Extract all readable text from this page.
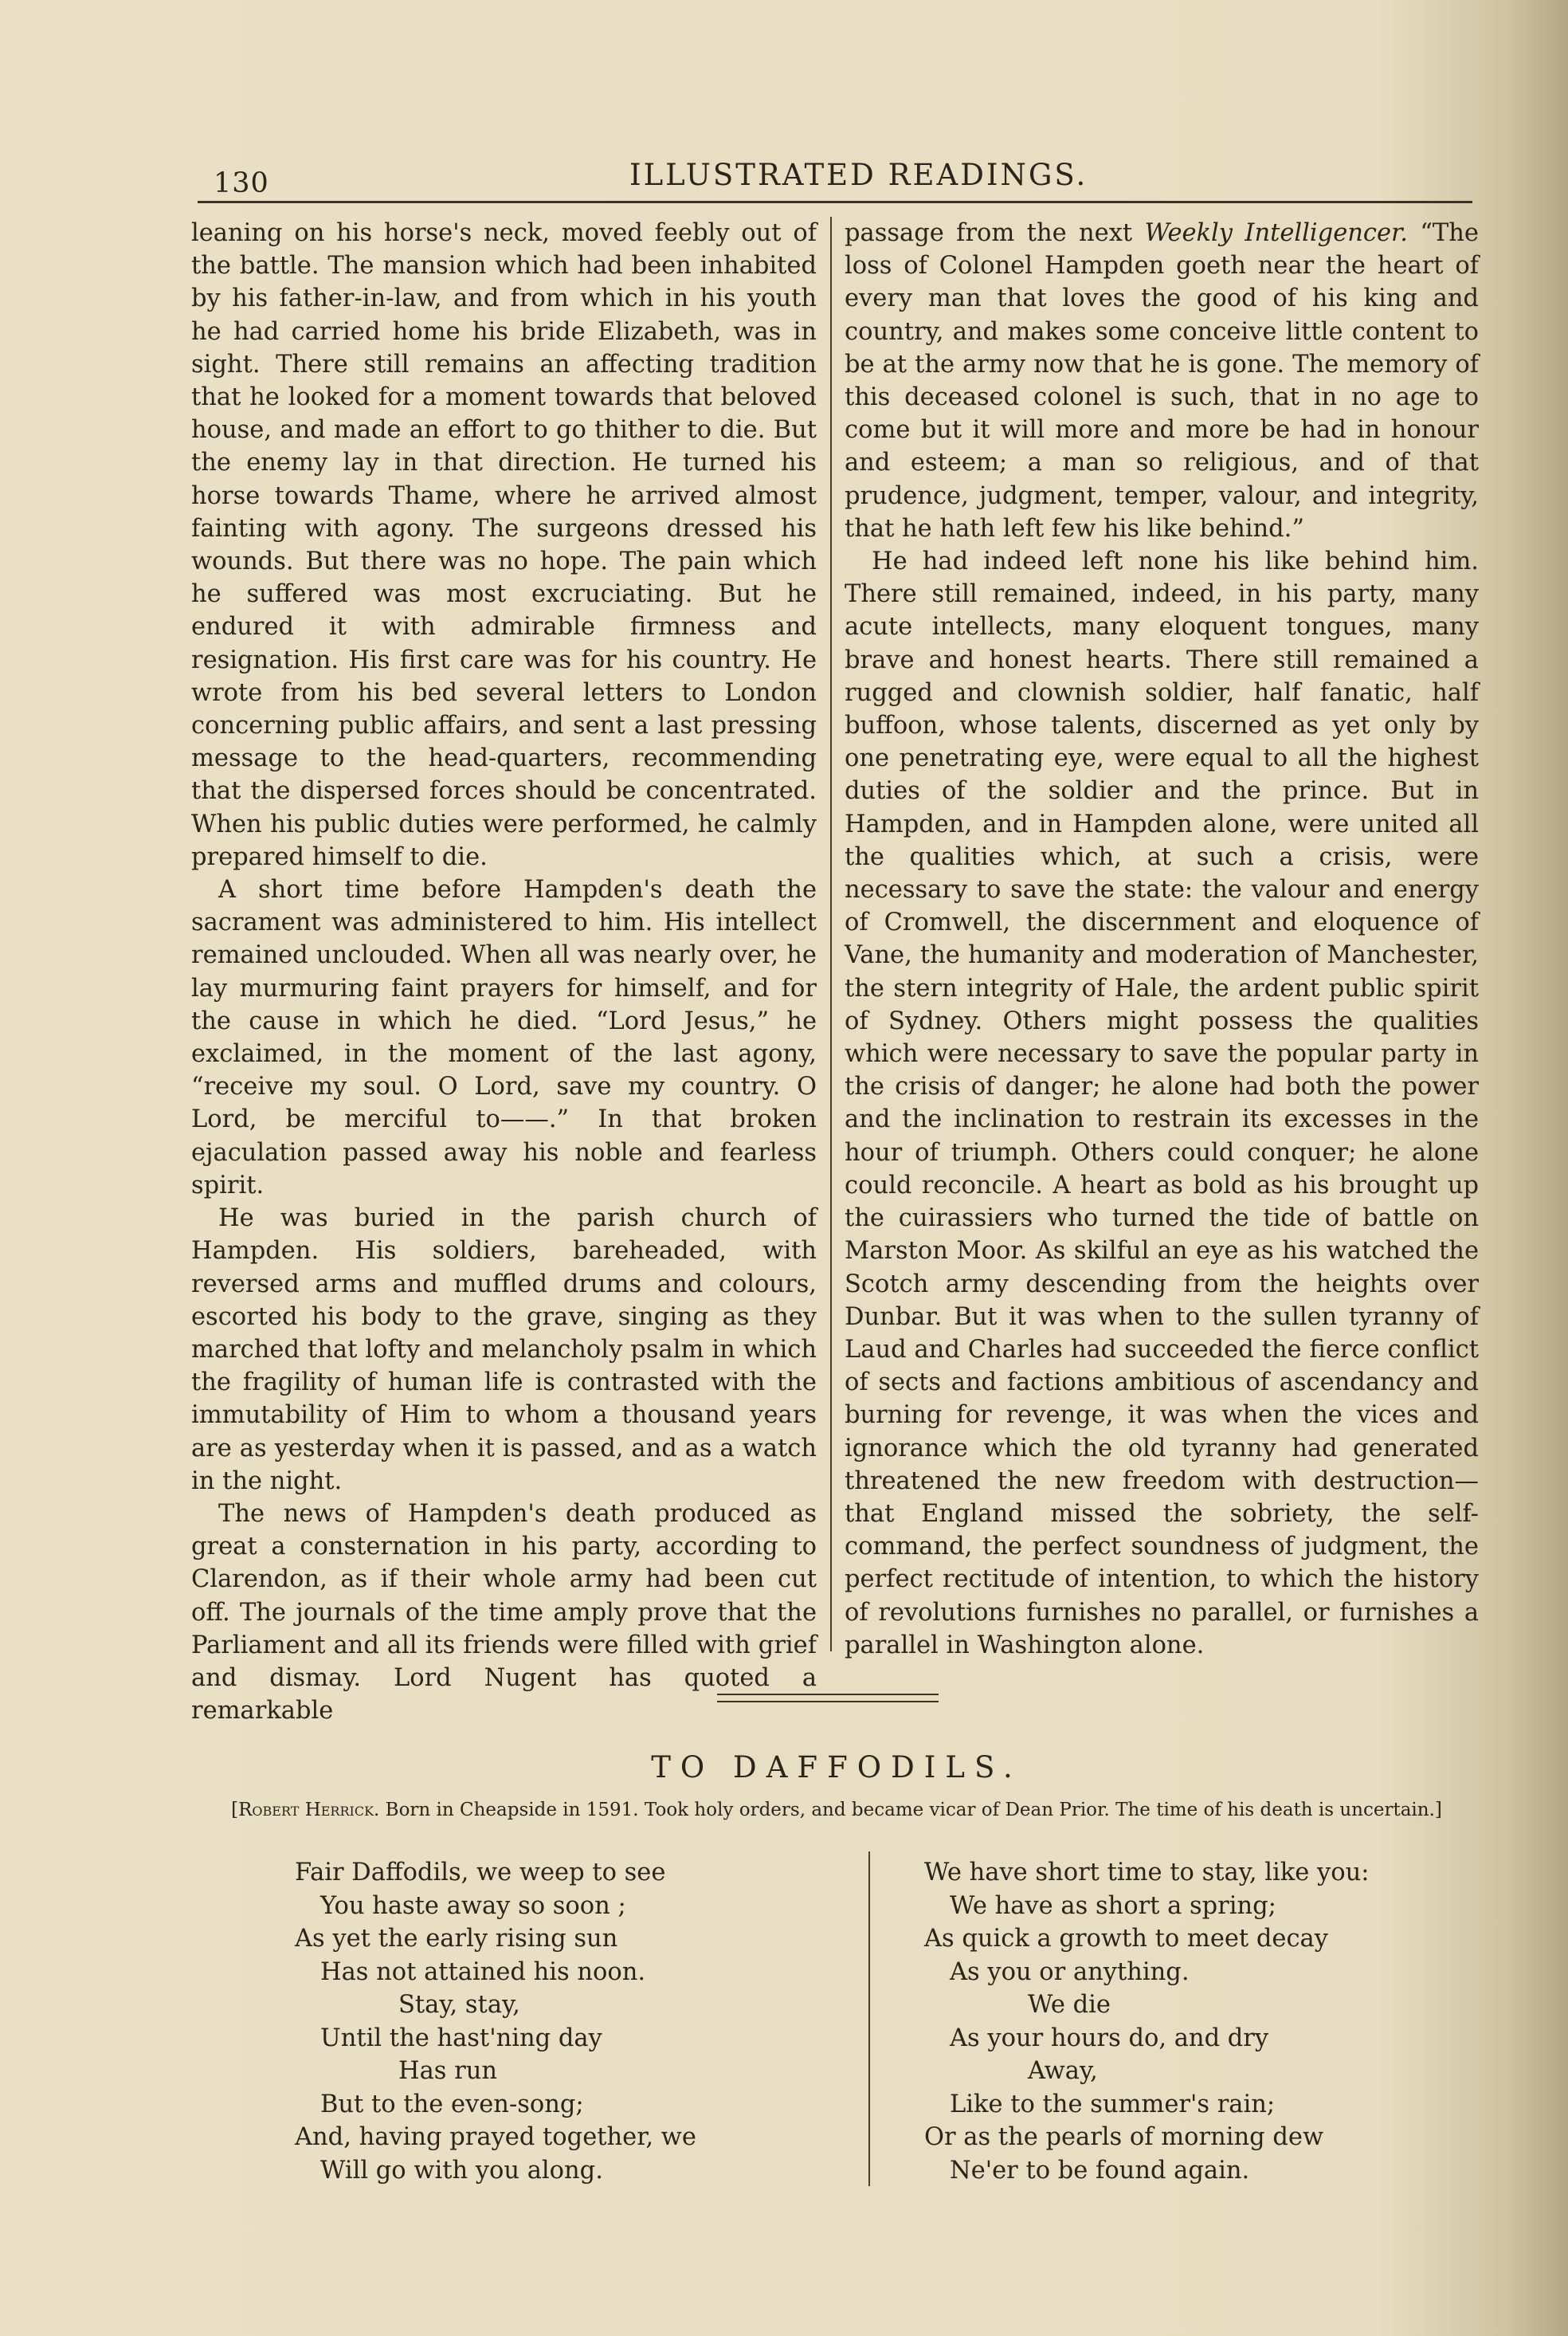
130	ILLUSTRATED READINGS.

leaning on his horse's neck, moved feebly out of the battle. The mansion which had been inhabited by his father-in-law, and from which in his youth he had carried home his bride Elizabeth, was in sight. There still remains an affecting tradition that he looked for a moment towards that beloved house, and made an effort to go thither to die. But the enemy lay in that direction. He turned his horse towards Thame, where he arrived almost fainting with agony. The surgeons dressed his wounds. But there was no hope. The pain which he suffered was most excruciating. But he endured it with admirable firmness and resignation. His first care was for his country. He wrote from his bed several letters to London concerning public affairs, and sent a last pressing message to the head-quarters, recommending that the dispersed forces should be concentrated. When his public duties were performed, he calmly prepared himself to die.

A short time before Hampden's death the sacrament was administered to him. His intellect remained unclouded. When all was nearly over, he lay murmuring faint prayers for himself, and for the cause in which he died. “Lord Jesus,” he exclaimed, in the moment of the last agony, “receive my soul. O Lord, save my country. O Lord, be merciful to——.” In that broken ejaculation passed away his noble and fearless spirit.

He was buried in the parish church of Hampden. His soldiers, bareheaded, with reversed arms and muffled drums and colours, escorted his body to the grave, singing as they marched that lofty and melancholy psalm in which the fragility of human life is contrasted with the immutability of Him to whom a thousand years are as yesterday when it is passed, and as a watch in the night.

The news of Hampden's death produced as great a consternation in his party, according to Clarendon, as if their whole army had been cut off. The journals of the time amply prove that the Parliament and all its friends were filled with grief and dismay. Lord Nugent has quoted a remarkable

passage from the next Weekly Intelligencer. “The loss of Colonel Hampden goeth near the heart of every man that loves the good of his king and country, and makes some conceive little content to be at the army now that he is gone. The memory of this deceased colonel is such, that in no age to come but it will more and more be had in honour and esteem; a man so religious, and of that prudence, judgment, temper, valour, and integrity, that he hath left few his like behind.”

He had indeed left none his like behind him. There still remained, indeed, in his party, many acute intellects, many eloquent tongues, many brave and honest hearts. There still remained a rugged and clownish soldier, half fanatic, half buffoon, whose talents, discerned as yet only by one penetrating eye, were equal to all the highest duties of the soldier and the prince. But in Hampden, and in Hampden alone, were united all the qualities which, at such a crisis, were necessary to save the state: the valour and energy of Cromwell, the discernment and eloquence of Vane, the humanity and moderation of Manchester, the stern integrity of Hale, the ardent public spirit of Sydney. Others might possess the qualities which were necessary to save the popular party in the crisis of danger; he alone had both the power and the inclination to restrain its excesses in the hour of triumph. Others could conquer; he alone could reconcile. A heart as bold as his brought up the cuirassiers who turned the tide of battle on Marston Moor. As skilful an eye as his watched the Scotch army descending from the heights over Dunbar. But it was when to the sullen tyranny of Laud and Charles had succeeded the fierce conflict of sects and factions ambitious of ascendancy and burning for revenge, it was when the vices and ignorance which the old tyranny had generated threatened the new freedom with destruction—that England missed the sobriety, the self-command, the perfect soundness of judgment, the perfect rectitude of intention, to which the history of revolutions furnishes no parallel, or furnishes a parallel in Washington alone.

TO DAFFODILS.
[Robert Herrick. Born in Cheapside in 1591. Took holy orders, and became vicar of Dean Prior. The time of his death is uncertain.]
Fair Daffodils, we weep to see
You haste away so soon ;
As yet the early rising sun
Has not attained his noon.
Stay, stay,
Until the hast'ning day
Has run
But to the even-song;
And, having prayed together, we
Will go with you along.
We have short time to stay, like you:
We have as short a spring;
As quick a growth to meet decay
As you or anything.
We die
As your hours do, and dry
Away,
Like to the summer's rain;
Or as the pearls of morning dew
Ne'er to be found again.
